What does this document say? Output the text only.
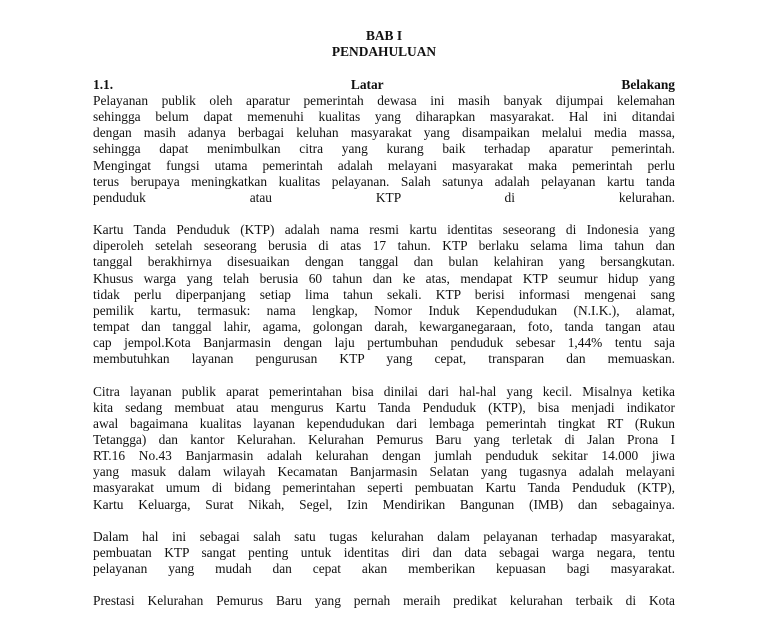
BAB I

PENDAHULUAN

1.1.	Latar	Belakang
Pelayanan publik oleh aparatur pemerintah dewasa ini masih banyak dijumpai kelemahan
sehingga belum dapat memenuhi kualitas yang diharapkan masyarakat. Hal ini ditandai
dengan masih adanya berbagai keluhan masyarakat yang disampaikan melalui media massa,
sehingga dapat menimbulkan citra yang kurang baik terhadap aparatur pemerintah.
Mengingat fungsi utama pemerintah adalah melayani masyarakat maka pemerintah perlu
terus berupaya meningkatkan kualitas pelayanan. Salah satunya adalah pelayanan kartu tanda
penduduk atau KTP di kelurahan.
Kartu Tanda Penduduk (KTP) adalah nama resmi kartu identitas seseorang di Indonesia yang
diperoleh setelah seseorang berusia di atas 17 tahun. KTP berlaku selama lima tahun dan
tanggal berakhirnya disesuaikan dengan tanggal dan bulan kelahiran yang bersangkutan.
Khusus warga yang telah berusia 60 tahun dan ke atas, mendapat KTP seumur hidup yang
tidak perlu diperpanjang setiap lima tahun sekali. KTP berisi informasi mengenai sang
pemilik kartu, termasuk: nama lengkap, Nomor Induk Kependudukan (N.I.K.), alamat,
tempat dan tanggal lahir, agama, golongan darah, kewarganegaraan, foto, tanda tangan atau
cap jempol.Kota Banjarmasin dengan laju pertumbuhan penduduk sebesar 1,44% tentu saja
membutuhkan layanan pengurusan KTP yang cepat, transparan dan memuaskan.
Citra layanan publik aparat pemerintahan bisa dinilai dari hal-hal yang kecil. Misalnya ketika
kita sedang membuat atau mengurus Kartu Tanda Penduduk (KTP), bisa menjadi indikator
awal bagaimana kualitas layanan kependudukan dari lembaga pemerintah tingkat RT (Rukun
Tetangga) dan kantor Kelurahan. Kelurahan Pemurus Baru yang terletak di Jalan Prona I
RT.16 No.43 Banjarmasin adalah kelurahan dengan jumlah penduduk sekitar 14.000 jiwa
yang masuk dalam wilayah Kecamatan Banjarmasin Selatan yang tugasnya adalah melayani
masyarakat umum di bidang pemerintahan seperti pembuatan Kartu Tanda Penduduk (KTP),
Kartu Keluarga, Surat Nikah, Segel, Izin Mendirikan Bangunan (IMB) dan sebagainya.
Dalam hal ini sebagai salah satu tugas kelurahan dalam pelayanan terhadap masyarakat,
pembuatan KTP sangat penting untuk identitas diri dan data sebagai warga negara, tentu
pelayanan yang mudah dan cepat akan memberikan kepuasan bagi masyarakat.
Prestasi Kelurahan Pemurus Baru yang pernah meraih predikat kelurahan terbaik di Kota
